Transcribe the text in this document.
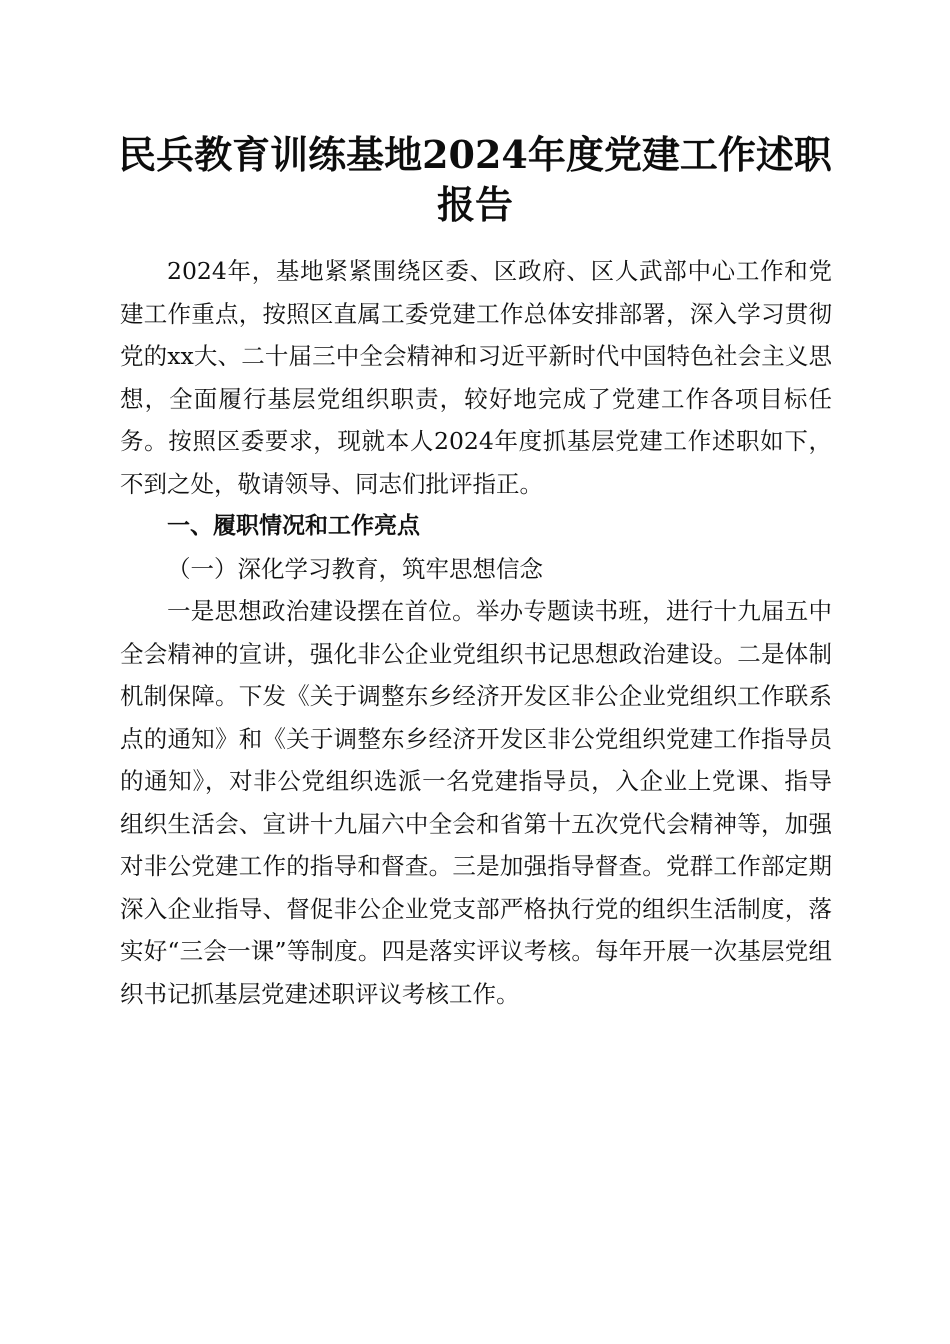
民兵教育训练基地2024年度党建工作述职报告

2024年，基地紧紧围绕区委、区政府、区人武部中心工作和党建工作重点，按照区直属工委党建工作总体安排部署，深入学习贯彻党的xx大、二十届三中全会精神和习近平新时代中国特色社会主义思想，全面履行基层党组织职责，较好地完成了党建工作各项目标任务。按照区委要求，现就本人2024年度抓基层党建工作述职如下，不到之处，敬请领导、同志们批评指正。

一、履职情况和工作亮点

（一）深化学习教育，筑牢思想信念

一是思想政治建设摆在首位。举办专题读书班，进行十九届五中全会精神的宣讲，强化非公企业党组织书记思想政治建设。二是体制机制保障。下发《关于调整东乡经济开发区非公企业党组织工作联系点的通知》和《关于调整东乡经济开发区非公党组织党建工作指导员的通知》，对非公党组织选派一名党建指导员，入企业上党课、指导组织生活会、宣讲十九届六中全会和省第十五次党代会精神等，加强对非公党建工作的指导和督查。三是加强指导督查。党群工作部定期深入企业指导、督促非公企业党支部严格执行党的组织生活制度，落实好“三会一课”等制度。四是落实评议考核。每年开展一次基层党组织书记抓基层党建述职评议考核工作。
